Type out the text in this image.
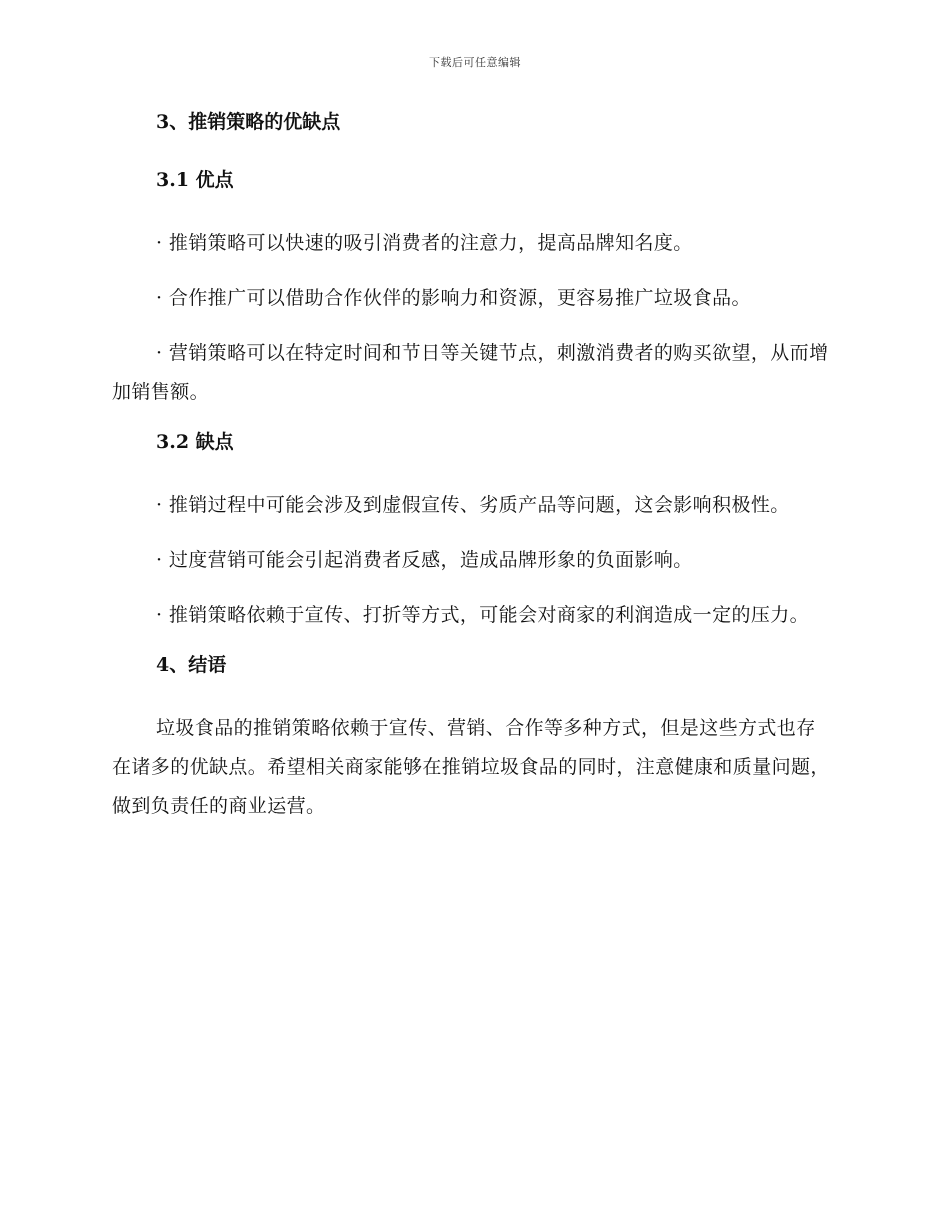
下载后可任意编辑
3、推销策略的优缺点
3.1 优点

· 推销策略可以快速的吸引消费者的注意力，提高品牌知名度。

· 合作推广可以借助合作伙伴的影响力和资源，更容易推广垃圾食品。

· 营销策略可以在特定时间和节日等关键节点，刺激消费者的购买欲望，从而增加销售额。

3.2 缺点

· 推销过程中可能会涉及到虚假宣传、劣质产品等问题，这会影响积极性。

· 过度营销可能会引起消费者反感，造成品牌形象的负面影响。

· 推销策略依赖于宣传、打折等方式，可能会对商家的利润造成一定的压力。

4、结语

垃圾食品的推销策略依赖于宣传、营销、合作等多种方式，但是这些方式也存在诸多的优缺点。希望相关商家能够在推销垃圾食品的同时，注意健康和质量问题，做到负责任的商业运营。
